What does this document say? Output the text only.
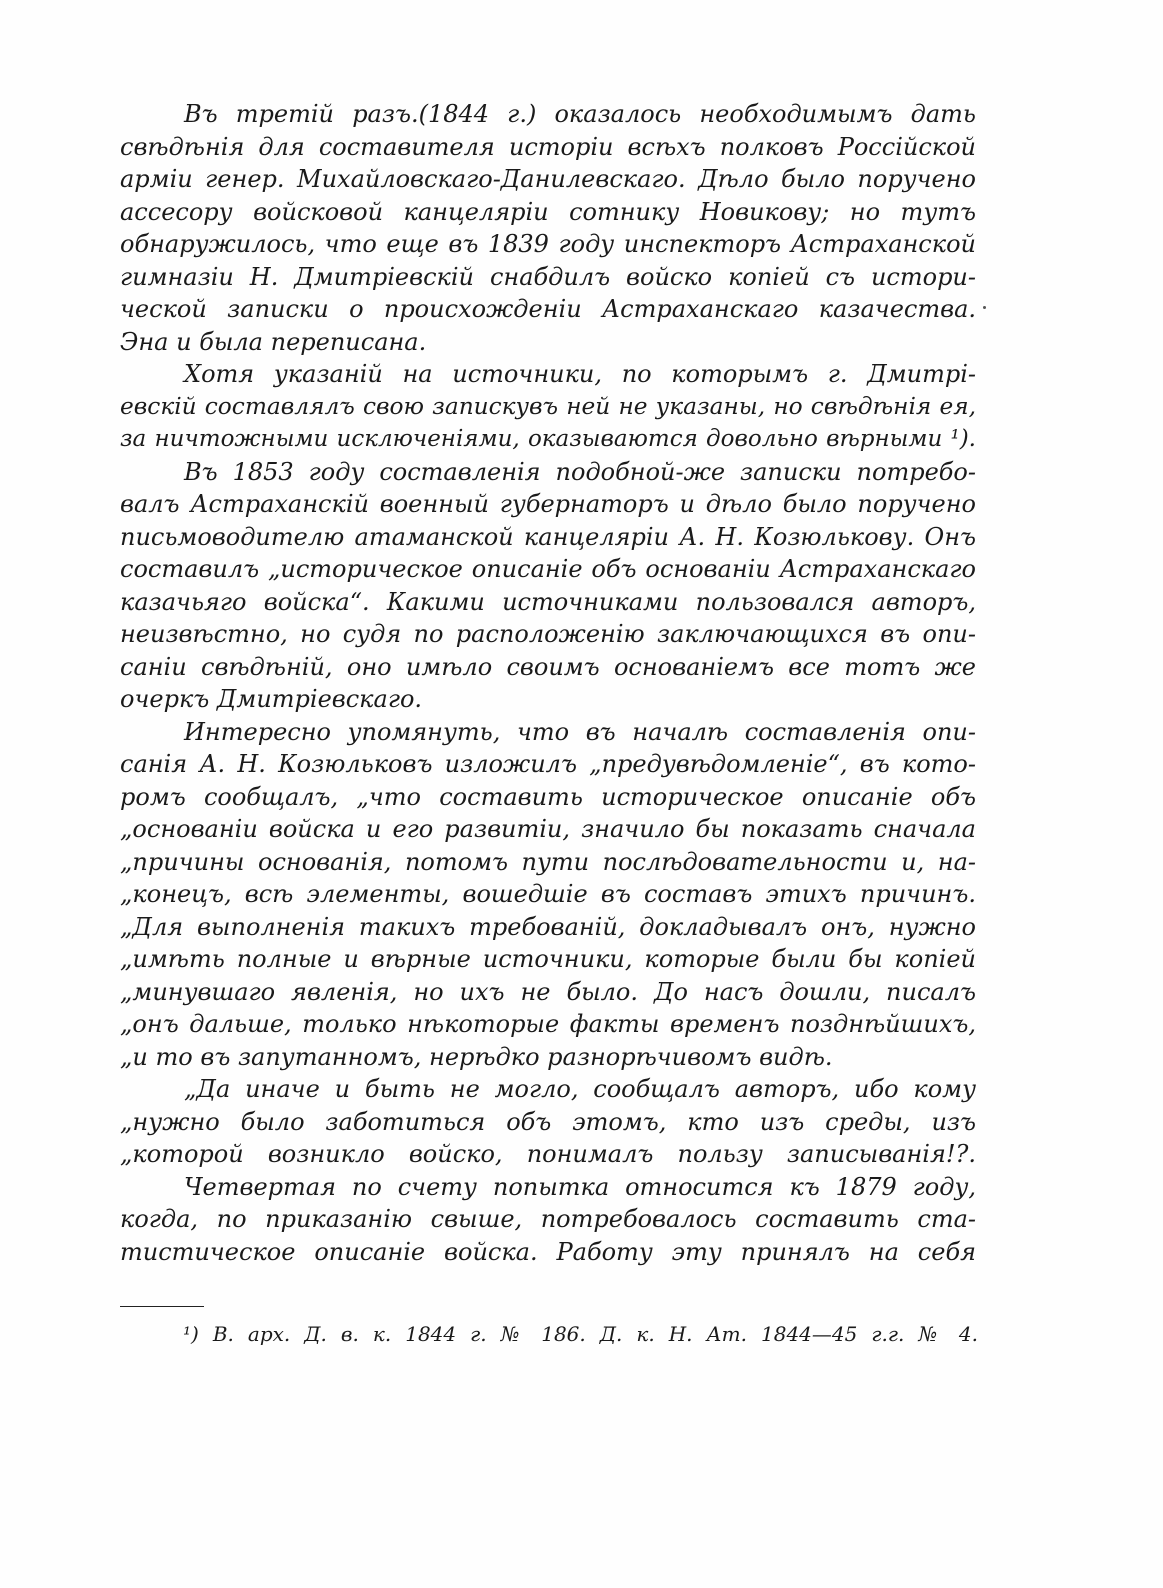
Въ третій разъ.(1844 г.) оказалось необходимымъ дать
свѣдѣнія для составителя исторіи всѣхъ полковъ Россійской
арміи генер. Михайловскаго-Данилевскаго. Дѣло было поручено
ассесору войсковой канцеляріи сотнику Новикову; но тутъ
обнаружилось, что еще въ 1839 году инспекторъ Астраханской
гимназіи Н. Дмитріевскій снабдилъ войско копіей съ истори-
ческой записки о происхожденіи Астраханскаго казачества.
Эна и была переписана.
Хотя указаній на источники, по которымъ г. Дмитрі-
евскій составлялъ свою запискувъ ней не указаны, но свѣдѣнія ея,
за ничтожными исключеніями, оказываются довольно вѣрными ¹).
Въ 1853 году составленія подобной-же записки потребо-
валъ Астраханскій военный губернаторъ и дѣло было поручено
письмоводителю атаманской канцеляріи А. Н. Козюлькову. Онъ
составилъ „историческое описаніе объ основаніи Астраханскаго
казачьяго войска“. Какими источниками пользовался авторъ,
неизвѣстно, но судя по расположенію заключающихся въ опи-
саніи свѣдѣній, оно имѣло своимъ основаніемъ все тотъ же
очеркъ Дмитріевскаго.
Интересно упомянуть, что въ началѣ составленія опи-
санія А. Н. Козюльковъ изложилъ „предувѣдомленіе“, въ кото-
ромъ сообщалъ, „что составить историческое описаніе объ
„основаніи войска и его развитіи, значило бы показать сначала
„причины основанія, потомъ пути послѣдовательности и, на-
„конецъ, всѣ элементы, вошедшіе въ составъ этихъ причинъ.
„Для выполненія такихъ требованій, докладывалъ онъ, нужно
„имѣть полные и вѣрные источники, которые были бы копіей
„минувшаго явленія, но ихъ не было. До насъ дошли, писалъ
„онъ дальше, только нѣкоторые факты временъ позднѣйшихъ,
„и то въ запутанномъ, нерѣдко разнорѣчивомъ видѣ.
„Да иначе и быть не могло, сообщалъ авторъ, ибо кому
„нужно было заботиться объ этомъ, кто изъ среды, изъ
„которой возникло войско, понималъ пользу записыванія!?.
Четвертая по счету попытка относится къ 1879 году,
когда, по приказанію свыше, потребовалось составить ста-
тистическое описаніе войска. Работу эту принялъ на себя
¹) В. арх. Д. в. к. 1844 г. № 186. Д. к. Н. Ат. 1844—45 г.г. № 4.
